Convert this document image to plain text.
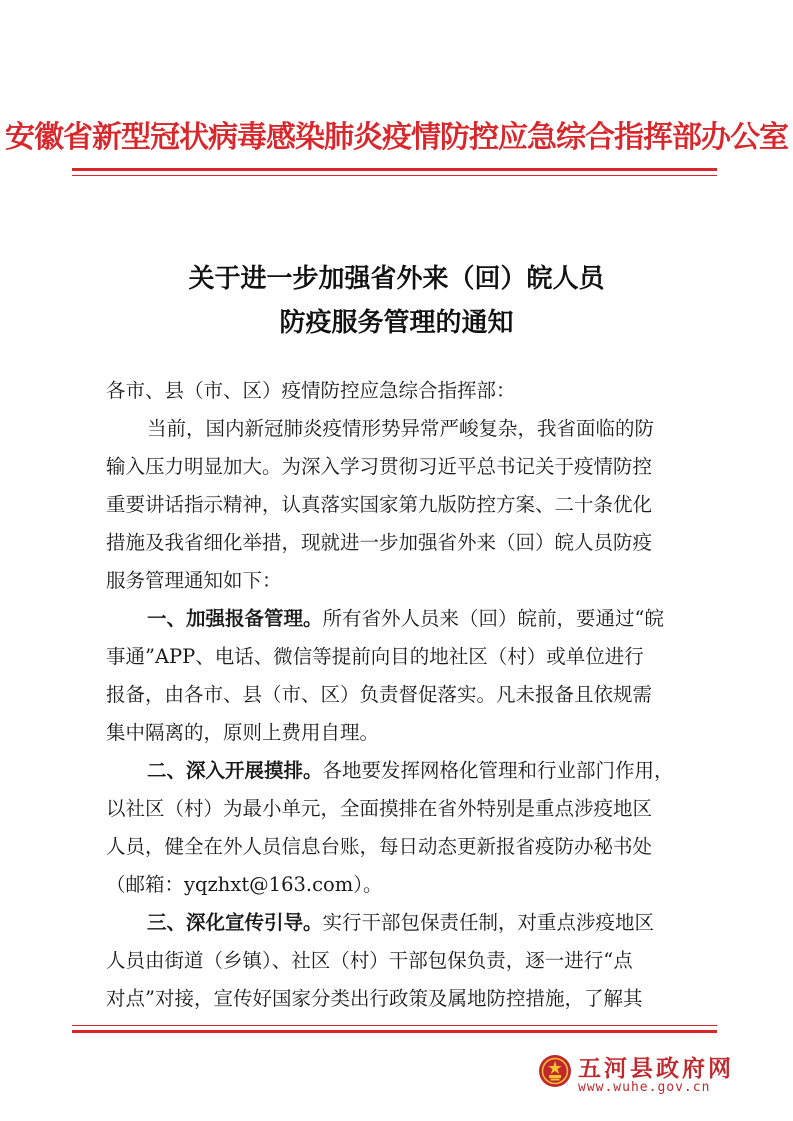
安徽省新型冠状病毒感染肺炎疫情防控应急综合指挥部办公室
关于进一步加强省外来（回）皖人员
防疫服务管理的通知
各市、县（市、区）疫情防控应急综合指挥部：
当前，国内新冠肺炎疫情形势异常严峻复杂，我省面临的防
输入压力明显加大。为深入学习贯彻习近平总书记关于疫情防控
重要讲话指示精神，认真落实国家第九版防控方案、二十条优化
措施及我省细化举措，现就进一步加强省外来（回）皖人员防疫
服务管理通知如下：
一、加强报备管理。所有省外人员来（回）皖前，要通过“皖
事通”APP、电话、微信等提前向目的地社区（村）或单位进行
报备，由各市、县（市、区）负责督促落实。凡未报备且依规需
集中隔离的，原则上费用自理。
二、深入开展摸排。各地要发挥网格化管理和行业部门作用，
以社区（村）为最小单元，全面摸排在省外特别是重点涉疫地区
人员，健全在外人员信息台账，每日动态更新报省疫防办秘书处
（邮箱：yqzhxt@163.com）。
三、深化宣传引导。实行干部包保责任制，对重点涉疫地区
人员由街道（乡镇）、社区（村）干部包保负责，逐一进行“点
对点”对接，宣传好国家分类出行政策及属地防控措施，了解其
五河县政府网
www.wuhe.gov.cn
